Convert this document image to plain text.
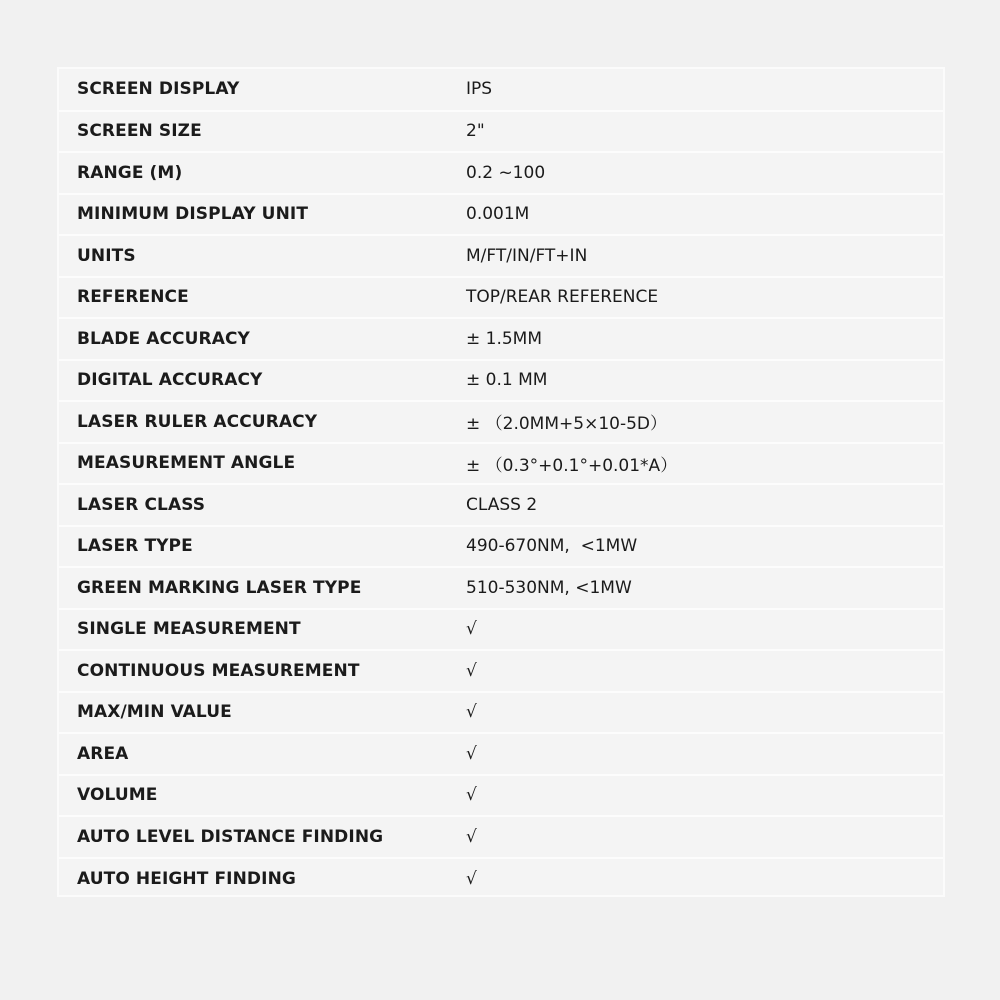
SCREEN DISPLAY	IPS
SCREEN SIZE	2"
RANGE (M)	0.2 ~100
MINIMUM DISPLAY UNIT	0.001M
UNITS	M/FT/IN/FT+IN
REFERENCE	TOP/REAR REFERENCE
BLADE ACCURACY	± 1.5MM
DIGITAL ACCURACY	± 0.1 MM
LASER RULER ACCURACY	± （2.0MM+5×10-5D）
MEASUREMENT ANGLE	± （0.3°+0.1°+0.01*A）
LASER CLASS	CLASS 2
LASER TYPE	490-670NM,  <1MW
GREEN MARKING LASER TYPE	510-530NM, <1MW
SINGLE MEASUREMENT	√
CONTINUOUS MEASUREMENT	√
MAX/MIN VALUE	√
AREA	√
VOLUME	√
AUTO LEVEL DISTANCE FINDING	√
AUTO HEIGHT FINDING	√
